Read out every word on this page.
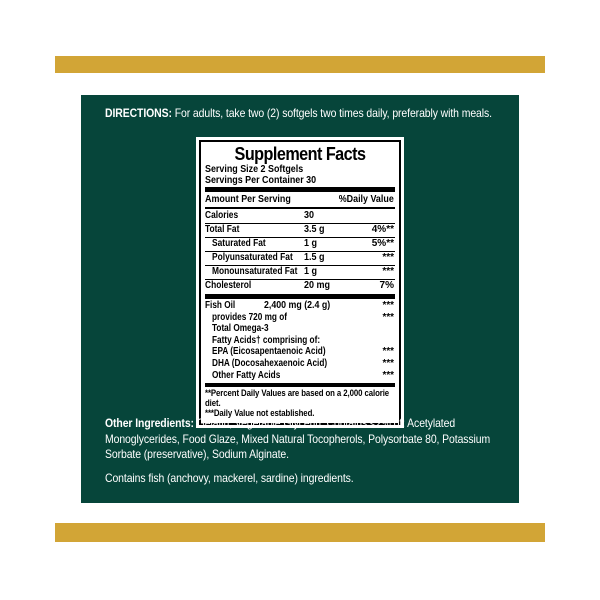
DIRECTIONS: For adults, take two (2) softgels two times daily, preferably with meals.
Supplement Facts
Serving Size 2 Softgels
Servings Per Container 30
Amount Per Serving	%Daily Value
Calories	30
Total Fat	3.5 g	4%**
Saturated Fat	1 g	5%**
Polyunsaturated Fat 1.5 g	***
Monounsaturated Fat 1 g	***
Cholesterol	20 mg	7%
Fish Oil	2,400 mg (2.4 g)	***
provides 720 mg of	***
Total Omega-3
Fatty Acids† comprising of:
EPA (Eicosapentaenoic Acid)	***
DHA (Docosahexaenoic Acid)	***
Other Fatty Acids	***
**Percent Daily Values are based on a 2,000 calorie diet.
***Daily Value not established.
Other Ingredients: Gelatin, Vegetable Glycerin. Contains <2% of: Acetylated Monoglycerides, Food Glaze, Mixed Natural Tocopherols, Polysorbate 80, Potassium Sorbate (preservative), Sodium Alginate.
Contains fish (anchovy, mackerel, sardine) ingredients.
